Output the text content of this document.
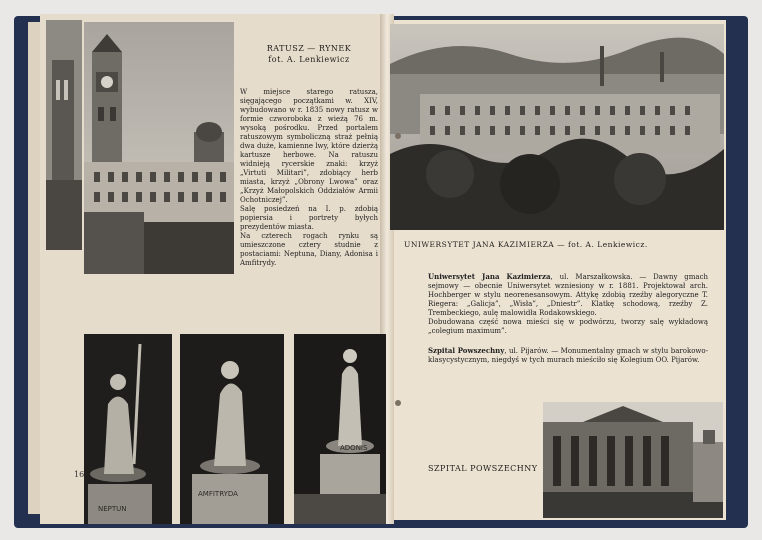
RATUSZ — RYNEK
fot. A. Lenkiewicz
W miejsce starego ratusza, sięgającego początkami w. XIV, wybudowano w r. 1835 nowy ratusz w formie czworoboka z wieżą 76 m. wysoką pośrodku. Przed portalem ratuszowym symboliczną straż pełnią dwa duże, kamienne lwy, które dzierżą kartusze herbowe. Na ratuszu widnieją rycerskie znaki: krzyż „Virtuti Militari”, zdobiący herb miasta, krzyż „Obrony Lwowa” oraz „Krzyż Małopolskich Oddziałów Armii Ochotniczej”.
Salę posiedzeń na I. p. zdobią popiersia i portrety byłych prezydentów miasta.
Na czterech rogach rynku są umieszczone cztery studnie z postaciami: Neptuna, Diany, Adonisa i Amfitrydy.
NEPTUN
16
AMFITRYDA
ADONIS
UNIWERSYTET JANA KAZIMIERZA — fot. A. Lenkiewicz.
Uniwersytet Jana Kazimierza, ul. Marszałkowska. — Dawny gmach sejmowy — obecnie Uniwersytet wzniesiony w r. 1881. Projektował arch. Hochberger w stylu neorenesansowym. Attykę zdobią rzeźby alegoryczne T. Riegera: „Galicja”, „Wisła”, „Dniestr”. Klatkę schodową, rzeźby Z. Trembeckiego, aulę malowidła Rodakowskiego.
Dobudowana część nowa mieści się w podwórzu, tworzy salę wykładową „colegium maximum”.
Szpital Powszechny, ul. Pijarów. — Monumentalny gmach w stylu barokowo-klasycystycznym, niegdyś w tych murach mieściło się Kolegium OO. Pijarów.
SZPITAL POWSZECHNY
